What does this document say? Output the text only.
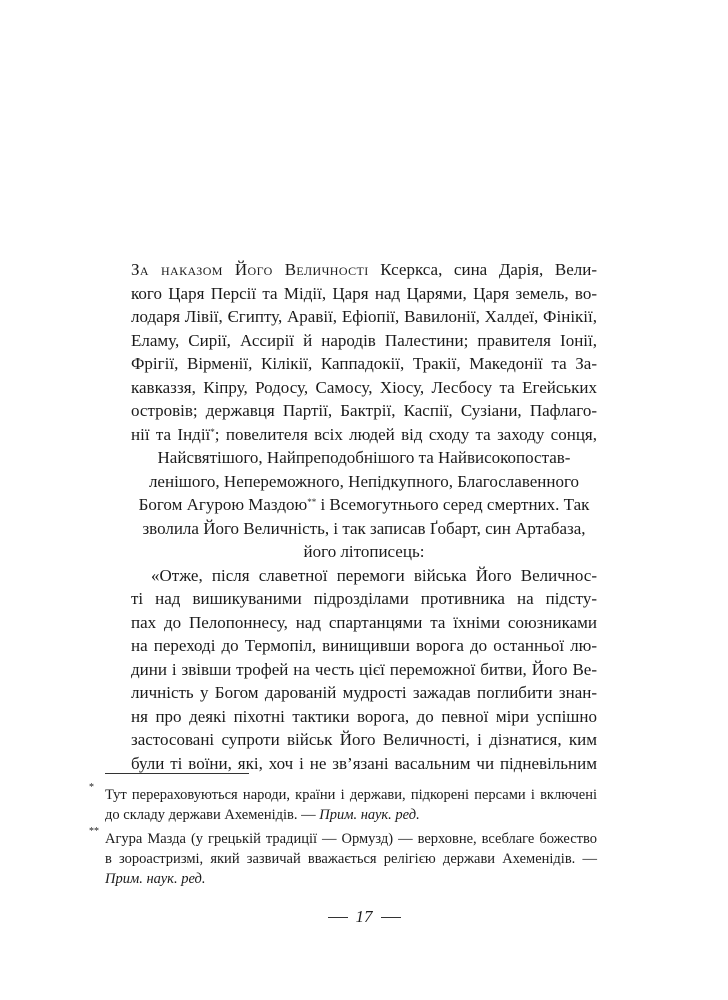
За наказом Його Величності Ксеркса, сина Дарія, Вели-
кого Царя Персії та Мідії, Царя над Царями, Царя земель, во-
лодаря Лівії, Єгипту, Аравії, Ефіопії, Вавилонії, Халдеї, Фінікії,
Еламу, Сирії, Ассирії й народів Палестини; правителя Іонії,
Фрігії, Вірменії, Кілікії, Каппадокії, Тракії, Македонії та За-
кавказзя, Кіпру, Родосу, Самосу, Хіосу, Лесбосу та Егейських
островів; державця Партії, Бактрії, Каспії, Сузіани, Пафлаго-
нії та Індії*; повелителя всіх людей від сходу та заходу сонця,
Найсвятішого, Найпреподобнішого та Найвисокопостав-
ленішого, Непереможного, Непідкупного, Благославенного
Богом Агурою Маздою** і Всемогутнього серед смертних. Так
зволила Його Величність, і так записав Ґобарт, син Артабаза,
його літописець:
«Отже, після славетної перемоги війська Його Величнос-
ті над вишикуваними підрозділами противника на підсту-
пах до Пелопоннесу, над спартанцями та їхніми союзниками
на переході до Термопіл, винищивши ворога до останньої лю-
дини і звівши трофей на честь цієї переможної битви, Його Ве-
личність у Богом дарованій мудрості зажадав поглибити знан-
ня про деякі піхотні тактики ворога, до певної міри успішно
застосовані супроти військ Його Величності, і дізнатися, ким
були ті воїни, які, хоч і не зв’язані васальним чи підневільним
* Тут перераховуються народи, країни і держави, підкорені персами і включені
до складу держави Ахеменідів. — Прим. наук. ред.
** Агура Мазда (у грецькій традиції — Ормузд) — верховне, всеблаге божество
в зороастризмі, який зазвичай вважається релігією держави Ахеменідів. —
Прим. наук. ред.
17
